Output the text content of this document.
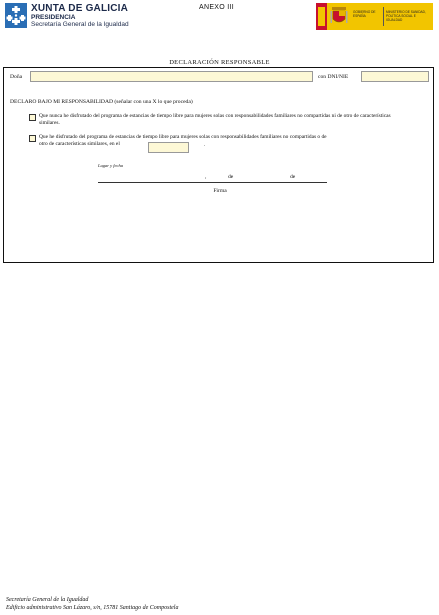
XUNTA DE GALICIA
PRESIDENCIA
Secretaría General de la Igualdad
ANEXO III
GOBIERNO DE ESPAÑA
MINISTERIO DE SANIDAD, POLÍTICA SOCIAL E IGUALDAD
DECLARACIÓN RESPONSABLE
Doña	con DNI/NIE
DECLARO BAJO MI RESPONSABILIDAD (señalar con una X lo que proceda)
Que nunca he disfrutado del programa de estancias de tiempo libre para mujeres solas con responsabilidades familiares no compartidas ni de otro de características similares.
Que he disfrutado del programa de estancias de tiempo libre para mujeres solas con responsabilidades familiares no compartidas o de
otro de características similares, en el	.
Lugar y fecha
,	de	de
Firma
Secretaría General de la Igualdad
Edificio administrativo San Lázaro, s/n, 15781 Santiago de Compostela
